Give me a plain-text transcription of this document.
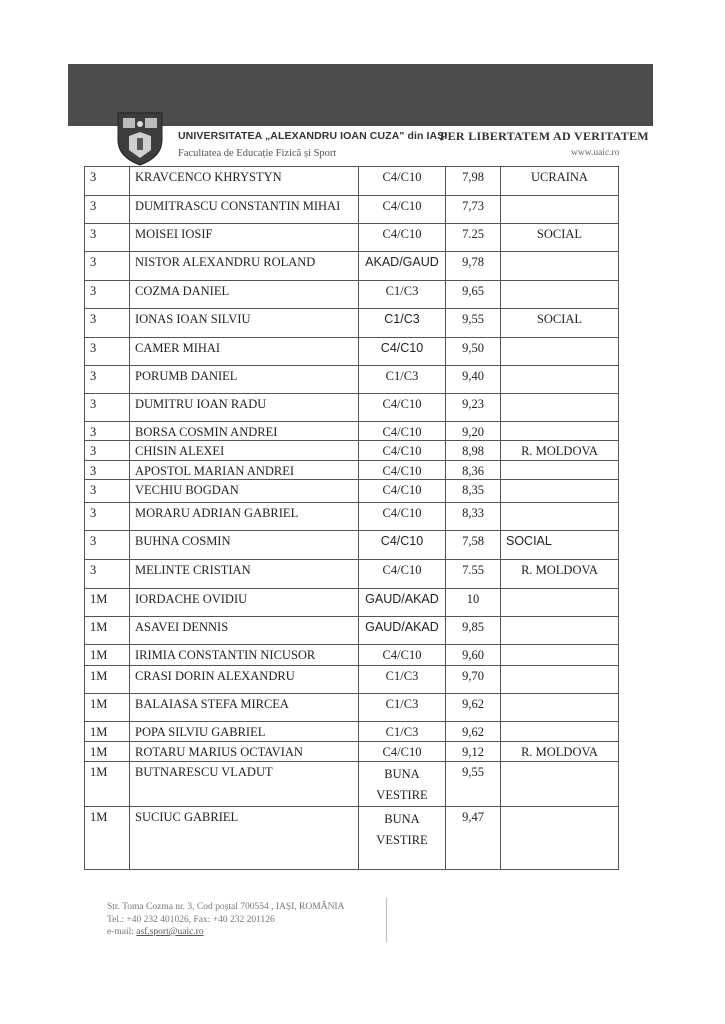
UNIVERSITATEA „ALEXANDRU IOAN CUZA" din IAȘI
PER LIBERTATEM AD VERITATEM
Facultatea de Educație Fizică și Sport	www.uaic.ro
3	KRAVCENCO KHRYSTYN	C4/C10	7,98	UCRAINA
3	DUMITRASCU CONSTANTIN MIHAI	C4/C10	7,73	
3	MOISEI IOSIF	C4/C10	7.25	SOCIAL
3	NISTOR ALEXANDRU ROLAND	AKAD/GAUD	9,78	
3	COZMA DANIEL	C1/C3	9,65	
3	IONAS IOAN SILVIU	C1/C3	9,55	SOCIAL
3	CAMER MIHAI	C4/C10	9,50	
3	PORUMB DANIEL	C1/C3	9,40	
3	DUMITRU IOAN RADU	C4/C10	9,23	
3	BORSA COSMIN ANDREI	C4/C10	9,20	
3	CHISIN ALEXEI	C4/C10	8,98	R. MOLDOVA
3	APOSTOL MARIAN ANDREI	C4/C10	8,36	
3	VECHIU BOGDAN	C4/C10	8,35	
3	MORARU ADRIAN GABRIEL	C4/C10	8,33	
3	BUHNA COSMIN	C4/C10	7,58	SOCIAL
3	MELINTE CRISTIAN	C4/C10	7.55	R. MOLDOVA
1M	IORDACHE OVIDIU	GAUD/AKAD	10	
1M	ASAVEI DENNIS	GAUD/AKAD	9,85	
1M	IRIMIA CONSTANTIN NICUSOR	C4/C10	9,60	
1M	CRASI DORIN ALEXANDRU	C1/C3	9,70	
1M	BALAIASA STEFA MIRCEA	C1/C3	9,62	
1M	POPA SILVIU GABRIEL	C1/C3	9,62	
1M	ROTARU MARIUS OCTAVIAN	C4/C10	9,12	R. MOLDOVA
1M	BUTNARESCU VLADUT	BUNA VESTIRE	9,55	
1M	SUCIUC GABRIEL	BUNA VESTIRE	9,47	
Str. Toma Cozma nr. 3, Cod poștal 700554 , IAȘI, ROMÂNIA
Tel.: +40 232 401026, Fax: +40 232 201126
e-mail: asf.sport@uaic.ro
